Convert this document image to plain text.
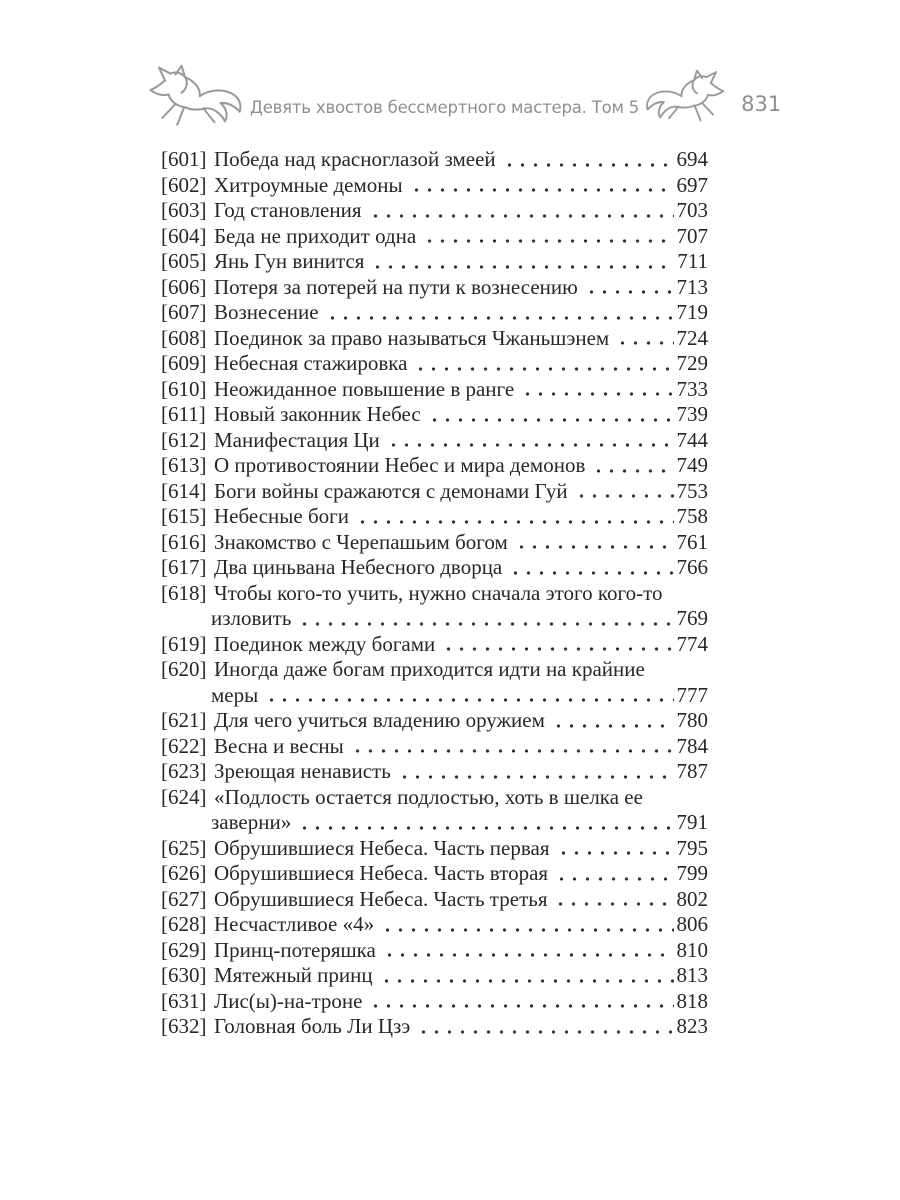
Девять хвостов бессмертного мастера. Том 5	831
[601] Победа над красноглазой змеей	694
[602] Хитроумные демоны	697
[603] Год становления	703
[604] Беда не приходит одна	707
[605] Янь Гун винится	711
[606] Потеря за потерей на пути к вознесению	713
[607] Вознесение	719
[608] Поединок за право называться Чжаньшэнем	724
[609] Небесная стажировка	729
[610] Неожиданное повышение в ранге	733
[611] Новый законник Небес	739
[612] Манифестация Ци	744
[613] О противостоянии Небес и мира демонов	749
[614] Боги войны сражаются с демонами Гуй	753
[615] Небесные боги	758
[616] Знакомство с Черепашьим богом	761
[617] Два циньвана Небесного дворца	766
[618] Чтобы кого-то учить, нужно сначала этого кого-то
изловить	769
[619] Поединок между богами	774
[620] Иногда даже богам приходится идти на крайние
меры	777
[621] Для чего учиться владению оружием	780
[622] Весна и весны	784
[623] Зреющая ненависть	787
[624] «Подлость остается подлостью, хоть в шелка ее
заверни»	791
[625] Обрушившиеся Небеса. Часть первая	795
[626] Обрушившиеся Небеса. Часть вторая	799
[627] Обрушившиеся Небеса. Часть третья	802
[628] Несчастливое «4»	806
[629] Принц-потеряшка	810
[630] Мятежный принц	813
[631] Лис(ы)-на-троне	818
[632] Головная боль Ли Цзэ	823
